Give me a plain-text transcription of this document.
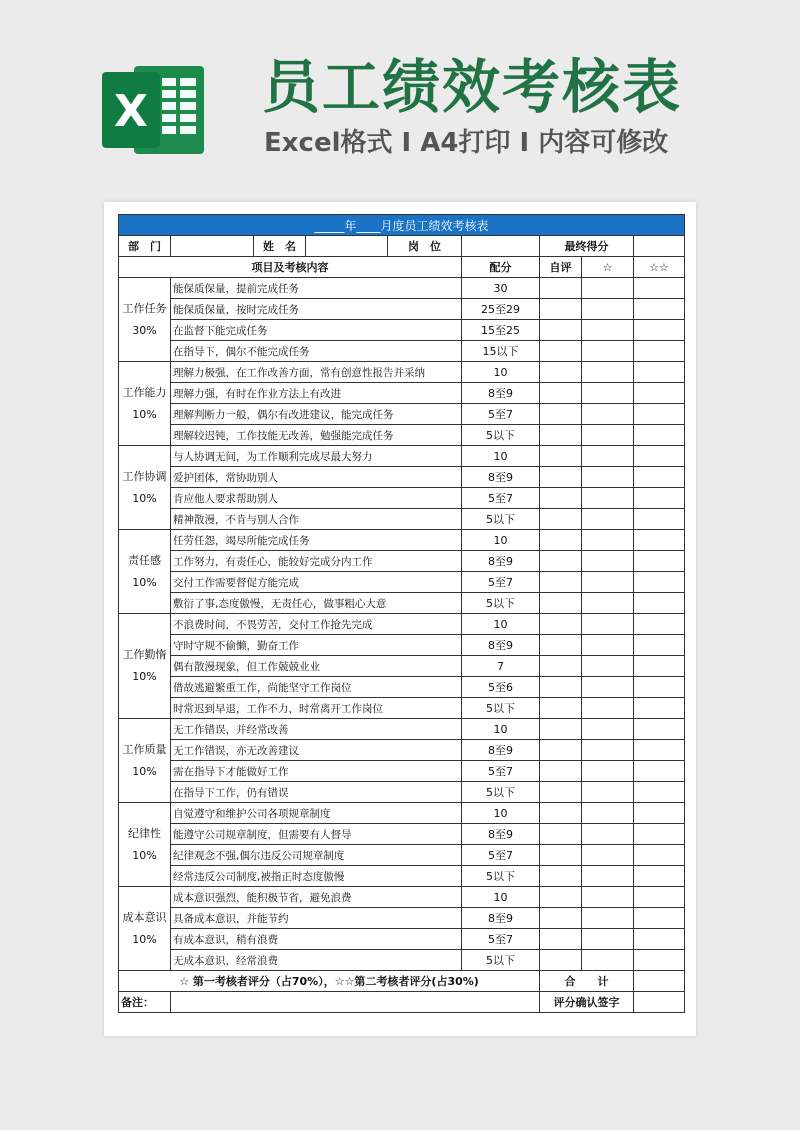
X 员工绩效考核表
Excel格式 I A4打印 I 内容可修改
_____年____月度员工绩效考核表								
部　门		姓　名		岗　位		最终得分		
项目及考核内容					配分	自评	☆	☆☆

工作任务
30%	能保质保量，提前完成任务				30			
	能保质保量，按时完成任务				25至29			
	在监督下能完成任务				15至25			
	在指导下，偶尔不能完成任务				15以下			

工作能力
10%	理解力极强，在工作改善方面，常有创意性报告并采纳				10			
	理解力强，有时在作业方法上有改进				8至9			
	理解判断力一般，偶尔有改进建议，能完成任务				5至7			
	理解较迟钝，工作技能无改善，勉强能完成任务				5以下			

工作协调
10%	与人协调无间，为工作顺利完成尽最大努力				10			
	爱护团体，常协助别人				8至9			
	肯应他人要求帮助别人				5至7			
	精神散漫，不肯与别人合作				5以下			

责任感
10%	任劳任怨，竭尽所能完成任务				10			
	工作努力，有责任心，能较好完成分内工作				8至9			
	交付工作需要督促方能完成				5至7			
	敷衍了事,态度傲慢，无责任心，做事粗心大意				5以下			

工作勤惰
10%	不浪费时间，不畏劳苦，交付工作抢先完成				10			
	守时守规不偷懒，勤奋工作				8至9			
	偶有散漫现象，但工作兢兢业业				7			
	借故逃避繁重工作，尚能坚守工作岗位				5至6			
	时常迟到早退，工作不力，时常离开工作岗位				5以下			

工作质量
10%	无工作错误，并经常改善				10			
	无工作错误，亦无改善建议				8至9			
	需在指导下才能做好工作				5至7			
	在指导下工作，仍有错误				5以下			

纪律性
10%	自觉遵守和维护公司各项规章制度				10			
	能遵守公司规章制度，但需要有人督导				8至9			
	纪律观念不强,偶尔违反公司规章制度				5至7			
	经常违反公司制度,被指正时态度傲慢				5以下			

成本意识
10%	成本意识强烈，能积极节省，避免浪费				10			
	具备成本意识，并能节约				8至9			
	有成本意识，稍有浪费				5至7			
	无成本意识，经常浪费				5以下			
☆ 第一考核者评分（占70%），☆☆第二考核者评分(占30%)						合　　计		
备注：						评分确认签字		
